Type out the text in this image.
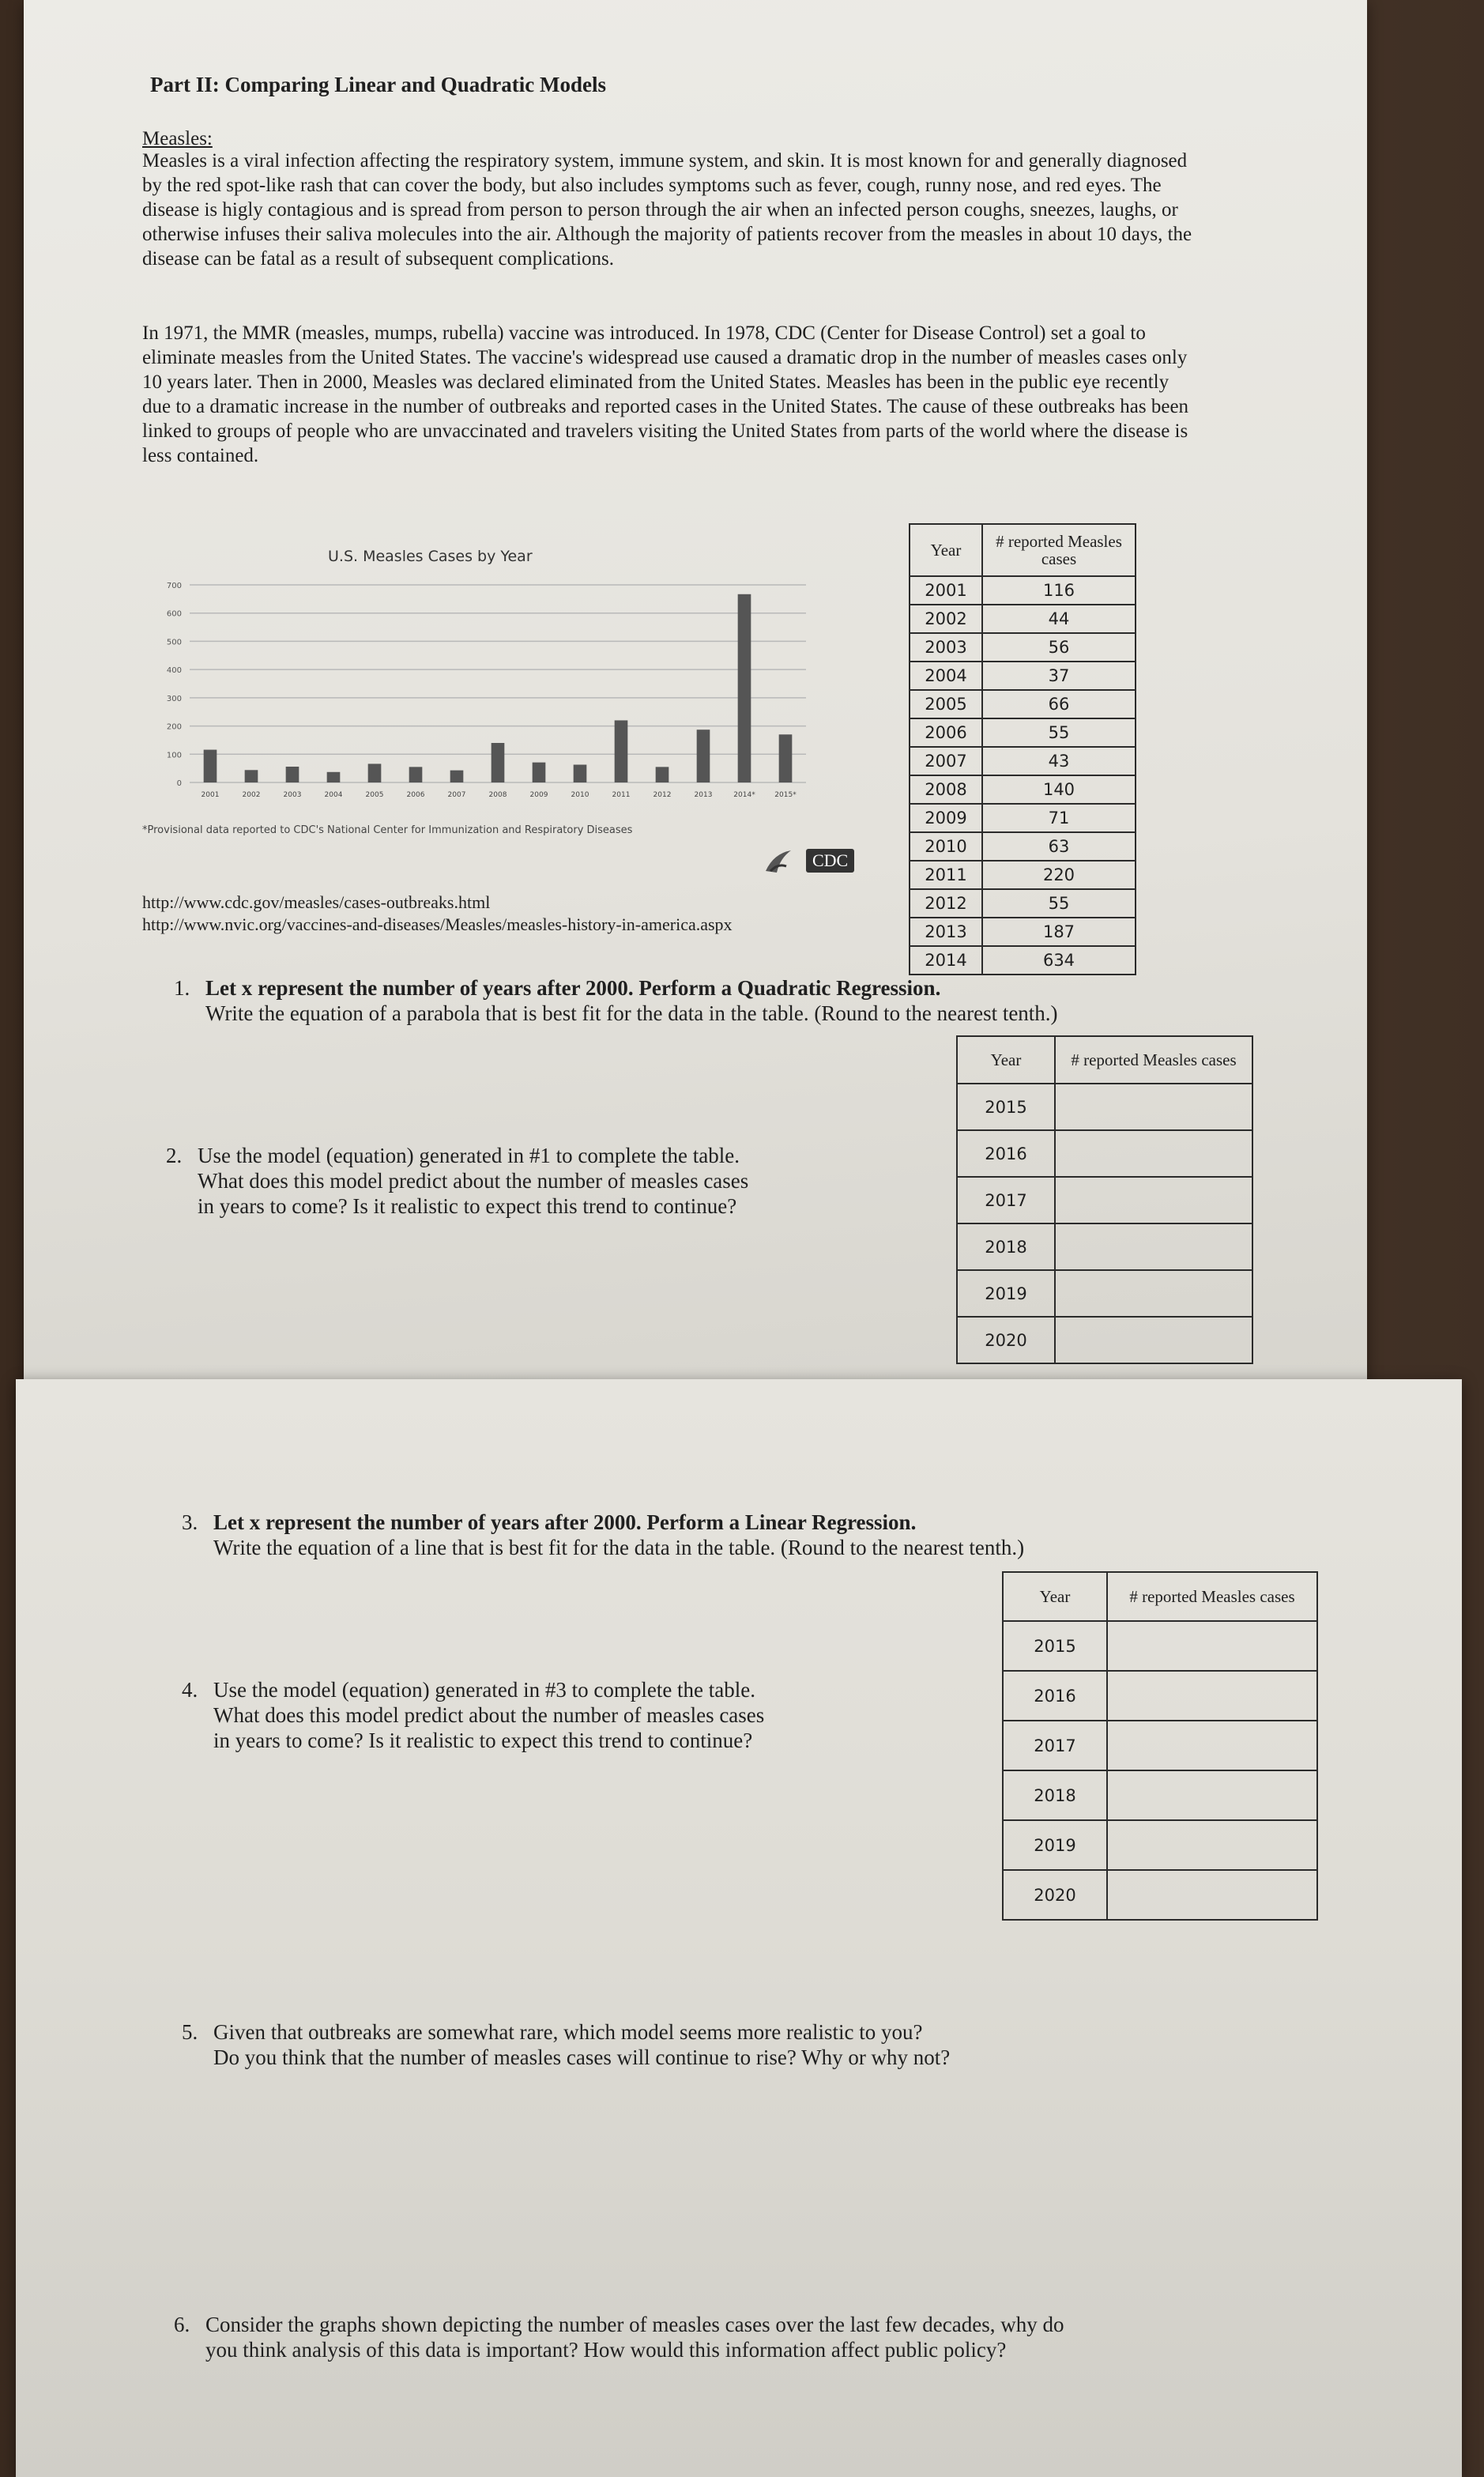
Part II: Comparing Linear and Quadratic Models

Measles:

Measles is a viral infection affecting the respiratory system, immune system, and skin. It is most known for and generally diagnosed by the red spot-like rash that can cover the body, but also includes symptoms such as fever, cough, runny nose, and red eyes. The disease is higly contagious and is spread from person to person through the air when an infected person coughs, sneezes, laughs, or otherwise infuses their saliva molecules into the air. Although the majority of patients recover from the measles in about 10 days, the disease can be fatal as a result of subsequent complications.

In 1971, the MMR (measles, mumps, rubella) vaccine was introduced. In 1978, CDC (Center for Disease Control) set a goal to eliminate measles from the United States. The vaccine's widespread use caused a dramatic drop in the number of measles cases only 10 years later. Then in 2000, Measles was declared eliminated from the United States. Measles has been in the public eye recently due to a dramatic increase in the number of outbreaks and reported cases in the United States. The cause of these outbreaks has been linked to groups of people who are unvaccinated and travelers visiting the United States from parts of the world where the disease is less contained.

U.S. Measles Cases by Year
2001	2002	2003	2004	2005	2006	2007	2008	2009	2010	2011	2012	2013	2014*	2015*
0
100
200
300
400
500
600
700

*Provisional data reported to CDC's National Center for Immunization and Respiratory Diseases

CDC
http://www.cdc.gov/measles/cases-outbreaks.html
http://www.nvic.org/vaccines-and-diseases/Measles/measles-history-in-america.aspx
Year	# reported Measles cases
2001	116
2002	44
2003	56
2004	37
2005	66
2006	55
2007	43
2008	140
2009	71
2010	63
2011	220
2012	55
2013	187
2014	634
1. Let x represent the number of years after 2000. Perform a Quadratic Regression.
Write the equation of a parabola that is best fit for the data in the table. (Round to the nearest tenth.)
2. Use the model (equation) generated in #1 to complete the table.
What does this model predict about the number of measles cases
in years to come? Is it realistic to expect this trend to continue?
Year	# reported Measles cases
2015	
2016	
2017	
2018	
2019	
2020	
3. Let x represent the number of years after 2000. Perform a Linear Regression.
Write the equation of a line that is best fit for the data in the table. (Round to the nearest tenth.)
Year	# reported Measles cases
2015	
2016	
2017	
2018	
2019	
2020	
4. Use the model (equation) generated in #3 to complete the table.
What does this model predict about the number of measles cases
in years to come? Is it realistic to expect this trend to continue?
5. Given that outbreaks are somewhat rare, which model seems more realistic to you?
Do you think that the number of measles cases will continue to rise? Why or why not?
6. Consider the graphs shown depicting the number of measles cases over the last few decades, why do
you think analysis of this data is important? How would this information affect public policy?
